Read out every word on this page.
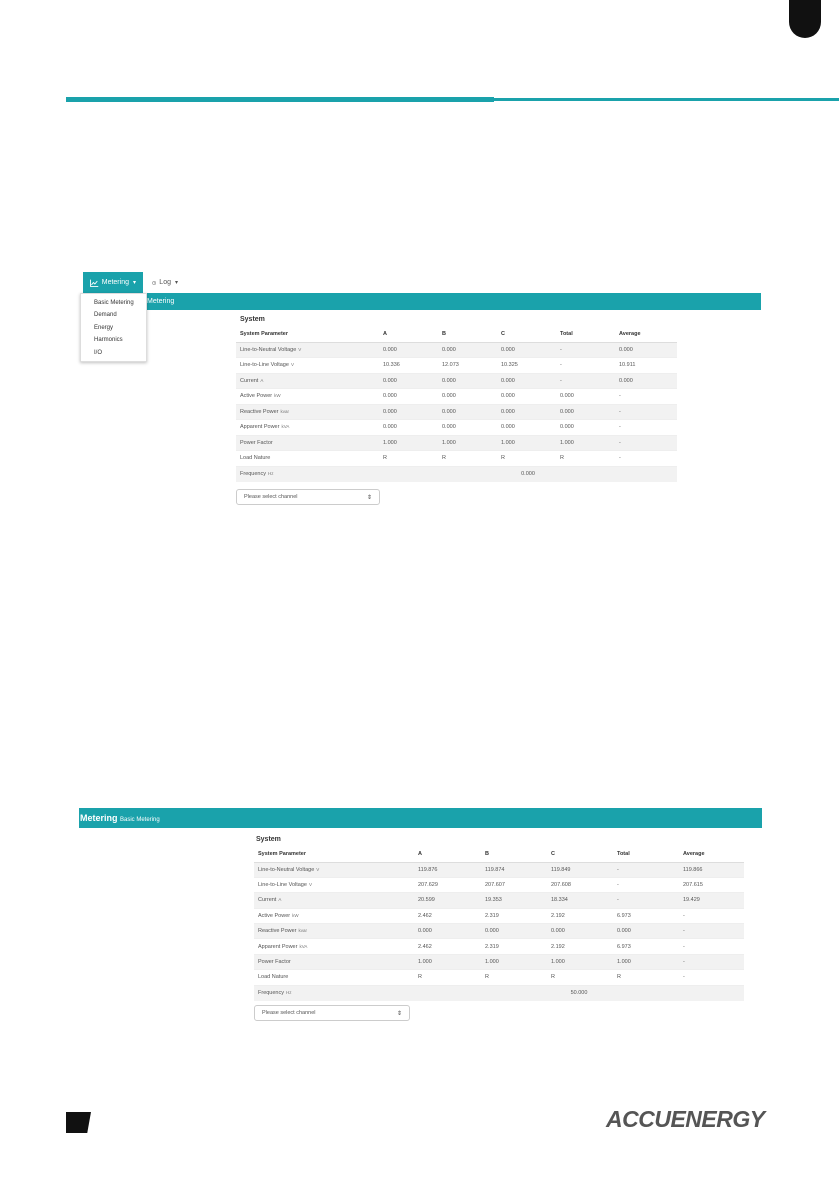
Metering ▾	Log ▾
Metering
Basic Metering
Demand
Energy
Harmonics
I/O
System
System Parameter	A	B	C	Total	Average
Line-to-Neutral Voltage V	0.000	0.000	0.000	-	0.000
Line-to-Line Voltage V	10.336	12.073	10.325	-	10.911
Current A	0.000	0.000	0.000	-	0.000
Active Power kW	0.000	0.000	0.000	0.000	-
Reactive Power kvar	0.000	0.000	0.000	0.000	-
Apparent Power kVA	0.000	0.000	0.000	0.000	-
Power Factor	1.000	1.000	1.000	1.000	-
Load Nature	R	R	R	R	-
Frequency Hz	0.000				
Please select channel	⇕
Metering Basic Metering
System
System Parameter	A	B	C	Total	Average
Line-to-Neutral Voltage V	119.876	119.874	119.849	-	119.866
Line-to-Line Voltage V	207.629	207.607	207.608	-	207.615
Current A	20.599	19.353	18.334	-	19.429
Active Power kW	2.462	2.319	2.192	6.973	-
Reactive Power kvar	0.000	0.000	0.000	0.000	-
Apparent Power kVA	2.462	2.319	2.192	6.973	-
Power Factor	1.000	1.000	1.000	1.000	-
Load Nature	R	R	R	R	-
Frequency Hz	50.000				
Please select channel	⇕
ACCUENERGY
